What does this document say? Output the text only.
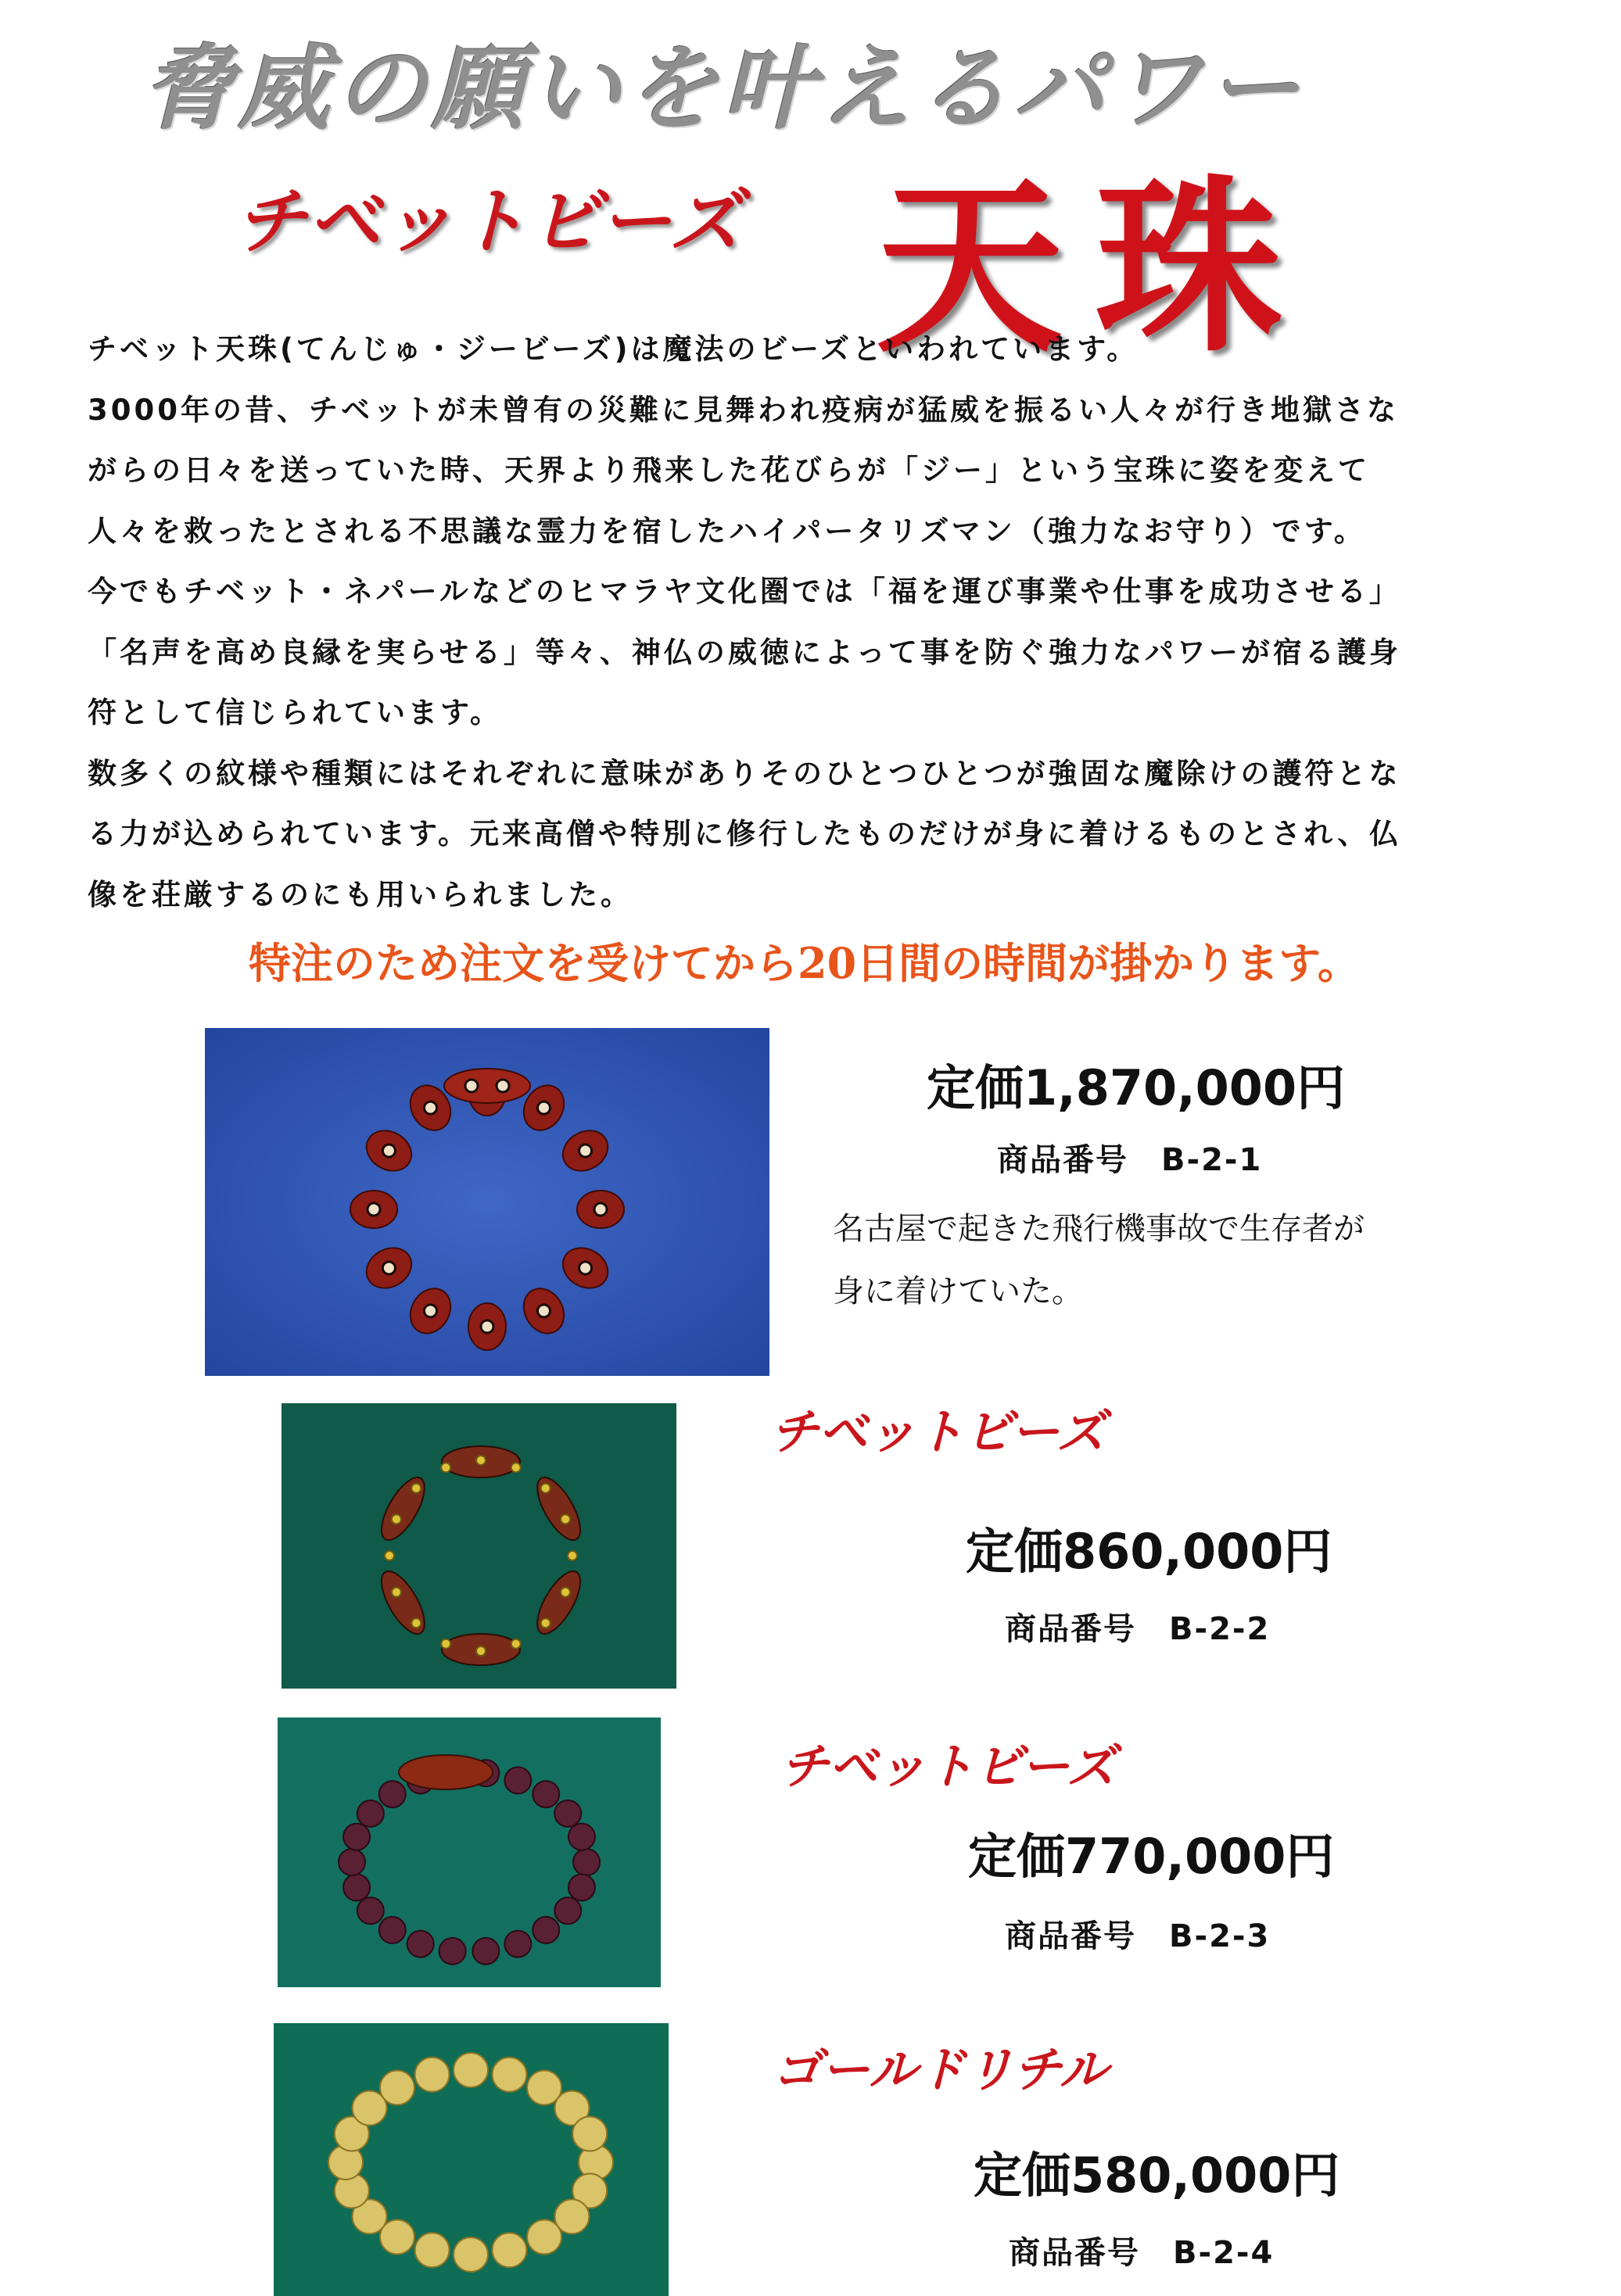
脅威の願いを叶えるパワー
チベットビーズ 天珠

チベット天珠(てんじゅ・ジービーズ)は魔法のビーズといわれています。

3000年の昔、チベットが未曾有の災難に見舞われ疫病が猛威を振るい人々が行き地獄さな

がらの日々を送っていた時、天界より飛来した花びらが「ジー」という宝珠に姿を変えて

人々を救ったとされる不思議な霊力を宿したハイパータリズマン（強力なお守り）です。

今でもチベット・ネパールなどのヒマラヤ文化圏では「福を運び事業や仕事を成功させる」

「名声を高め良縁を実らせる」等々、神仏の威徳によって事を防ぐ強力なパワーが宿る護身

符として信じられています。

数多くの紋様や種類にはそれぞれに意味がありそのひとつひとつが強固な魔除けの護符とな

る力が込められています。元来高僧や特別に修行したものだけが身に着けるものとされ、仏

像を荘厳するのにも用いられました。

特注のため注文を受けてから20日間の時間が掛かります。
定価1,870,000円
商品番号　B-2-1

名古屋で起きた飛行機事故で生存者が

身に着けていた。

チベットビーズ
定価860,000円
商品番号　B-2-2
チベットビーズ
定価770,000円
商品番号　B-2-3
ゴールドリチル
定価580,000円
商品番号　B-2-4
